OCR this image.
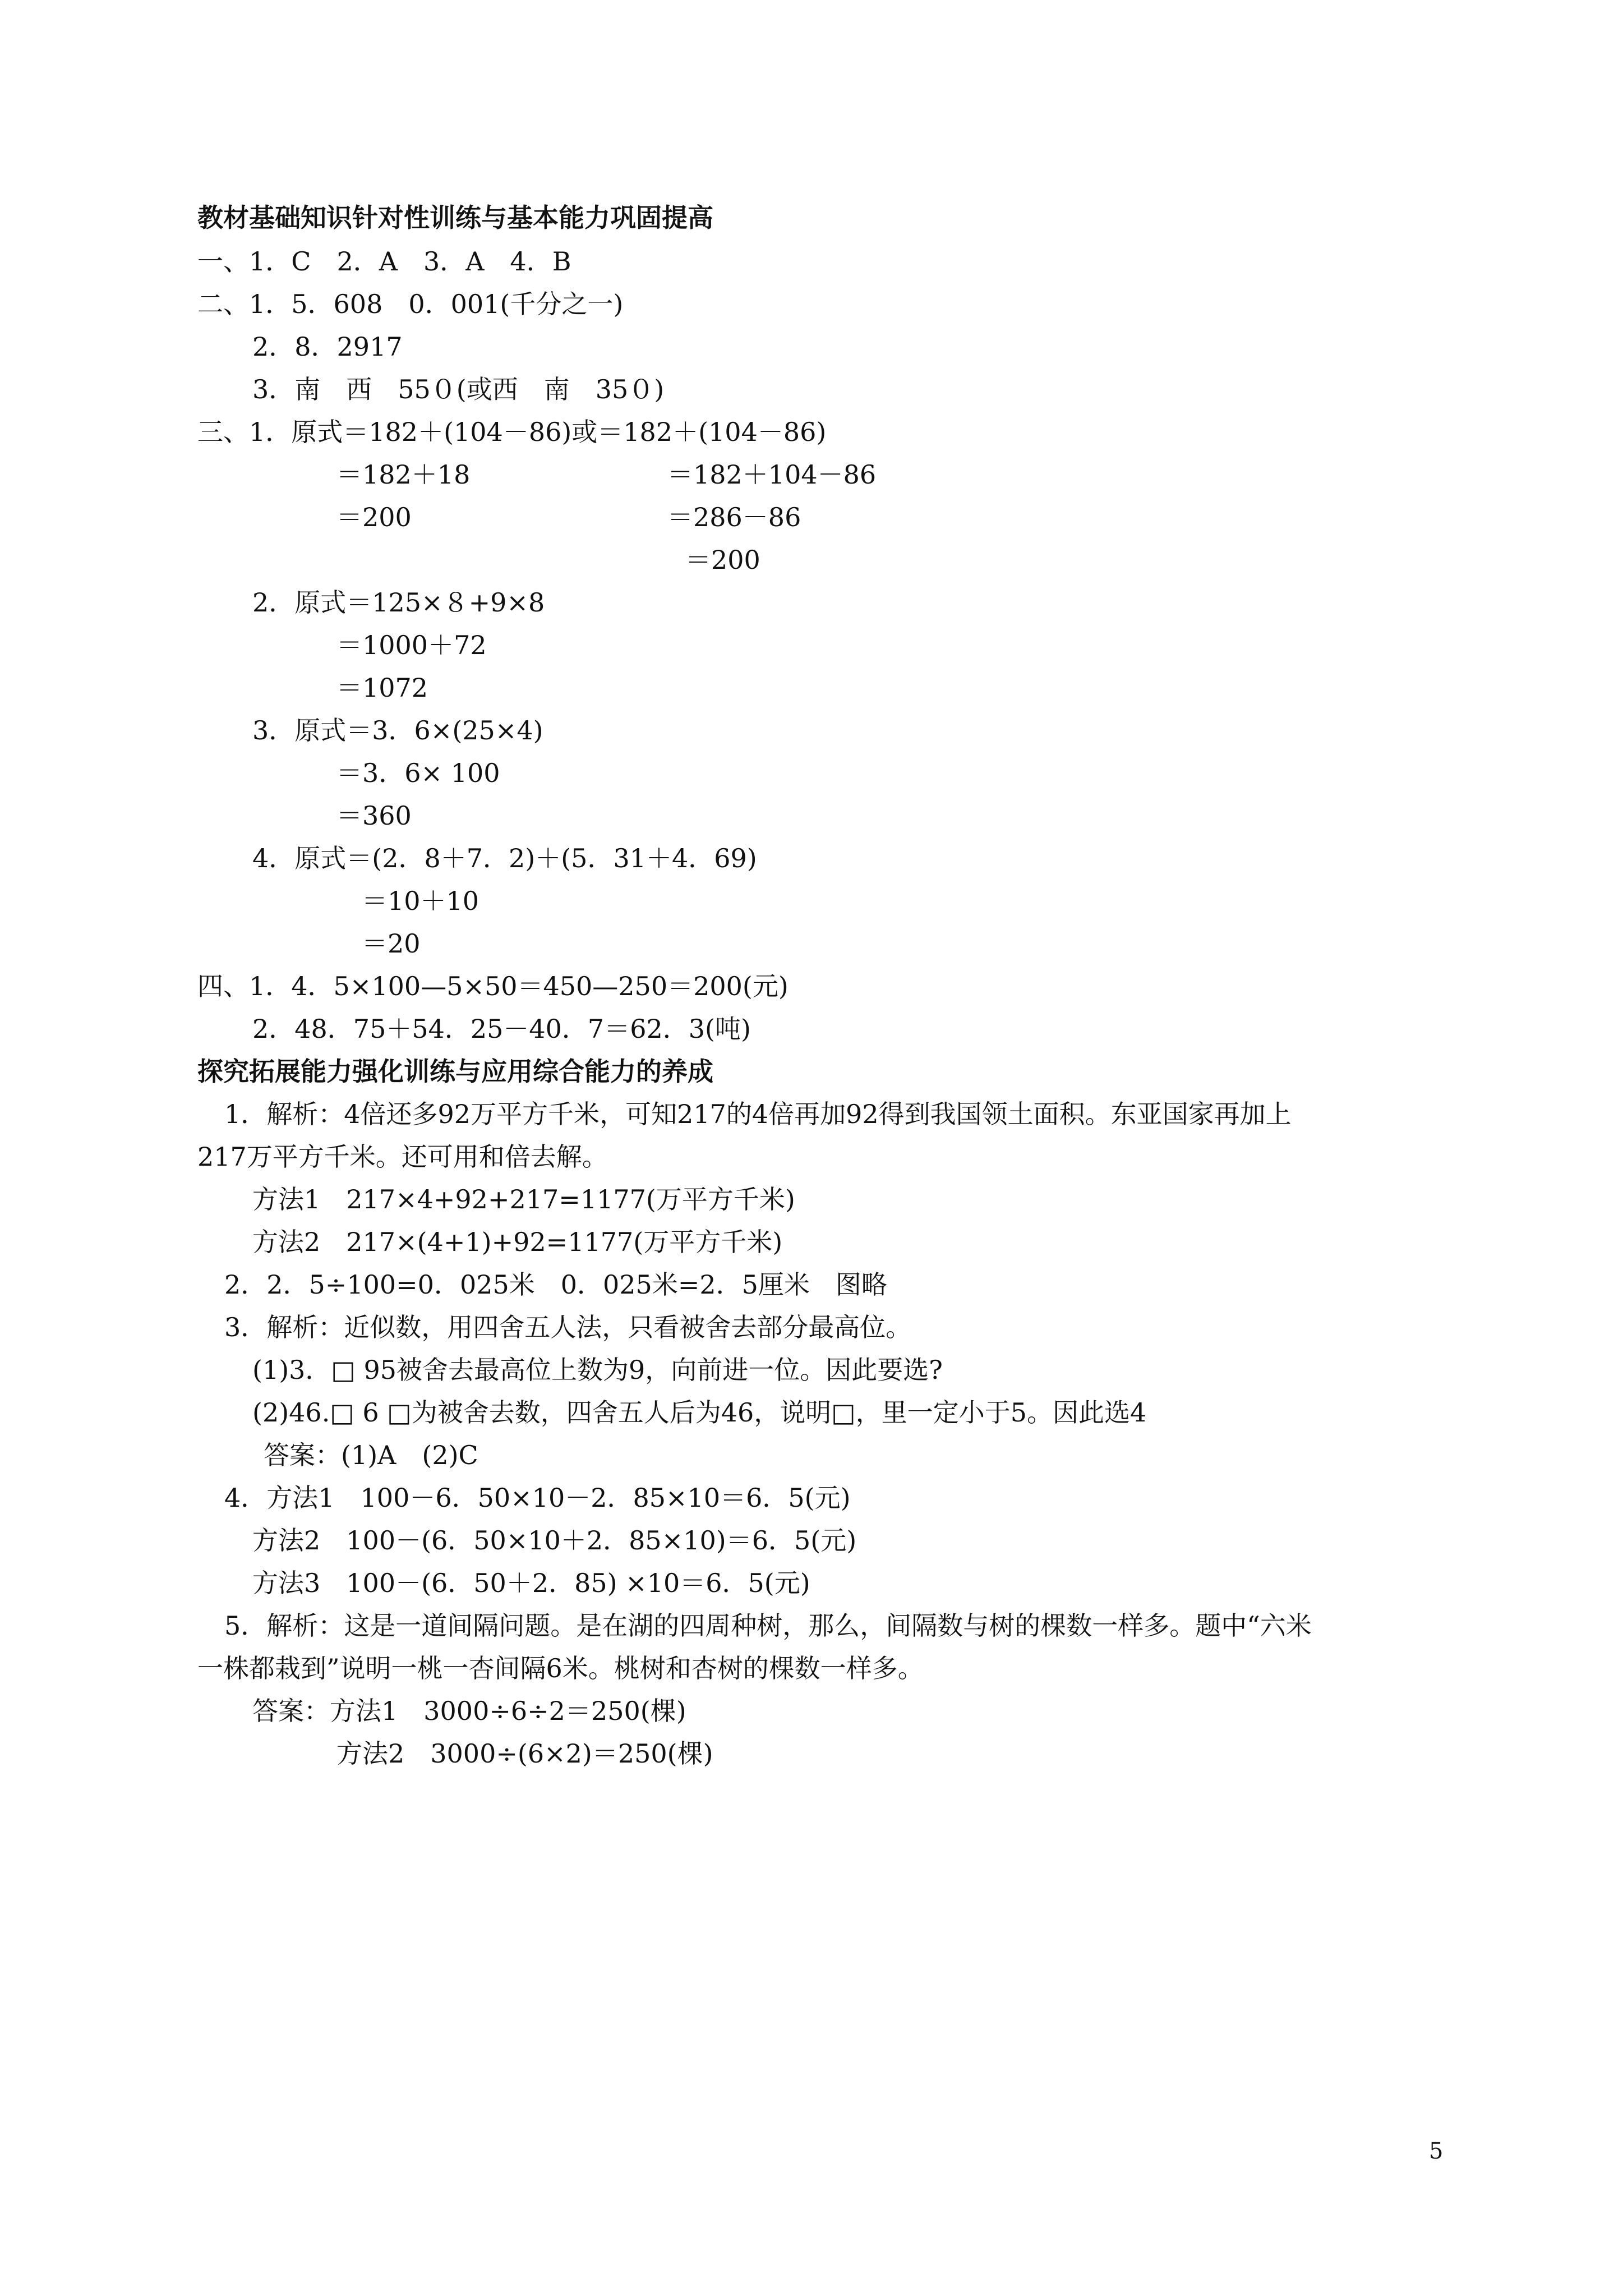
教材基础知识针对性训练与基本能力巩固提高
一、1．C　2．A　3．A　4．B
二、1．5．608　0．001(千分之一)
2．8．2917
3．南　西　55０(或西　南　35０)
三、1．原式＝182＋(104－86)或＝182＋(104－86)
＝182＋18	＝182＋104－86
＝200	＝286－86
＝200
2．原式＝125×８+9×8
＝1000＋72
＝1072
3．原式＝3．6×(25×4)
＝3．6× 100
＝360
4．原式＝(2．8＋7．2)＋(5．31＋4．69)
＝10＋10
＝20
四、1．4．5×100—5×50＝450—250＝200(元)
2．48．75＋54．25－40．7＝62．3(吨)
探究拓展能力强化训练与应用综合能力的养成
1．解析：4倍还多92万平方千米，可知217的4倍再加92得到我国领土面积。东亚国家再加上
217万平方千米。还可用和倍去解。
方法1　217×4+92+217=1177(万平方千米)
方法2　217×(4+1)+92=1177(万平方千米)
2．2．5÷100=0．025米　0．025米=2．5厘米　图略
3．解析：近似数，用四舍五人法，只看被舍去部分最高位。
(1)3．□ 95被舍去最高位上数为9，向前进一位。因此要选?
(2)46.□ 6 □为被舍去数，四舍五人后为46，说明□，里一定小于5。因此选4
答案：(1)A　(2)C
4．方法1　100－6．50×10－2．85×10＝6．5(元)
方法2　100－(6．50×10＋2．85×10)＝6．5(元)
方法3　100－(6．50＋2．85) ×10＝6．5(元)
5．解析：这是一道间隔问题。是在湖的四周种树，那么，间隔数与树的棵数一样多。题中“六米
一株都栽到”说明一桃一杏间隔6米。桃树和杏树的棵数一样多。
答案：方法1　3000÷6÷2＝250(棵)
方法2　3000÷(6×2)＝250(棵)
5
